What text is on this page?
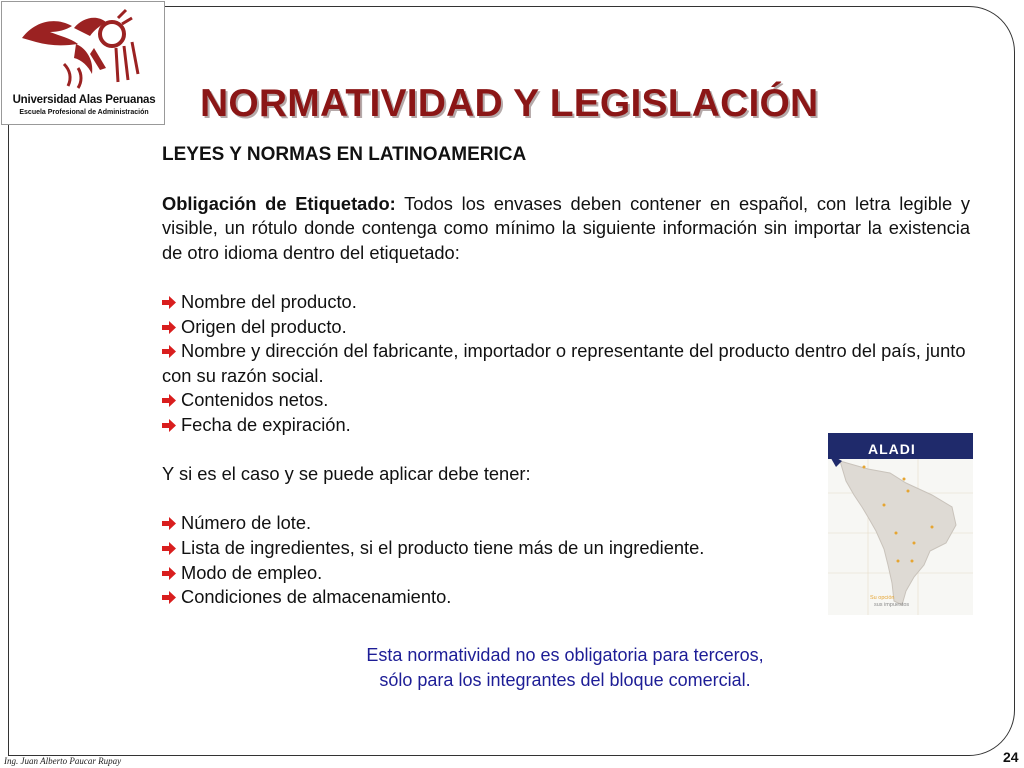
Universidad Alas Peruanas
Escuela Profesional de Administración	NORMATIVIDAD Y LEGISLACIÓN
LEYES Y NORMAS EN LATINOAMERICA
Obligación de Etiquetado: Todos los envases deben contener en español, con letra legible y visible, un rótulo donde contenga como mínimo la siguiente información sin importar la existencia de otro idioma dentro del etiquetado:
Nombre del producto.
Origen del producto.
Nombre y dirección del fabricante, importador o representante del producto dentro del país, junto con su razón social.
Contenidos netos.
Fecha de expiración.
Y si es el caso y se puede aplicar debe tener:
Número de lote.
Lista de ingredientes, si el producto tiene más de un ingrediente.
Modo de empleo.
Condiciones de almacenamiento.
ALADI
Su opción
sus impuestos
Esta normatividad no es obligatoria para terceros,
sólo para los integrantes del bloque comercial.
Ing. Juan Alberto Paucar Rupay	24
